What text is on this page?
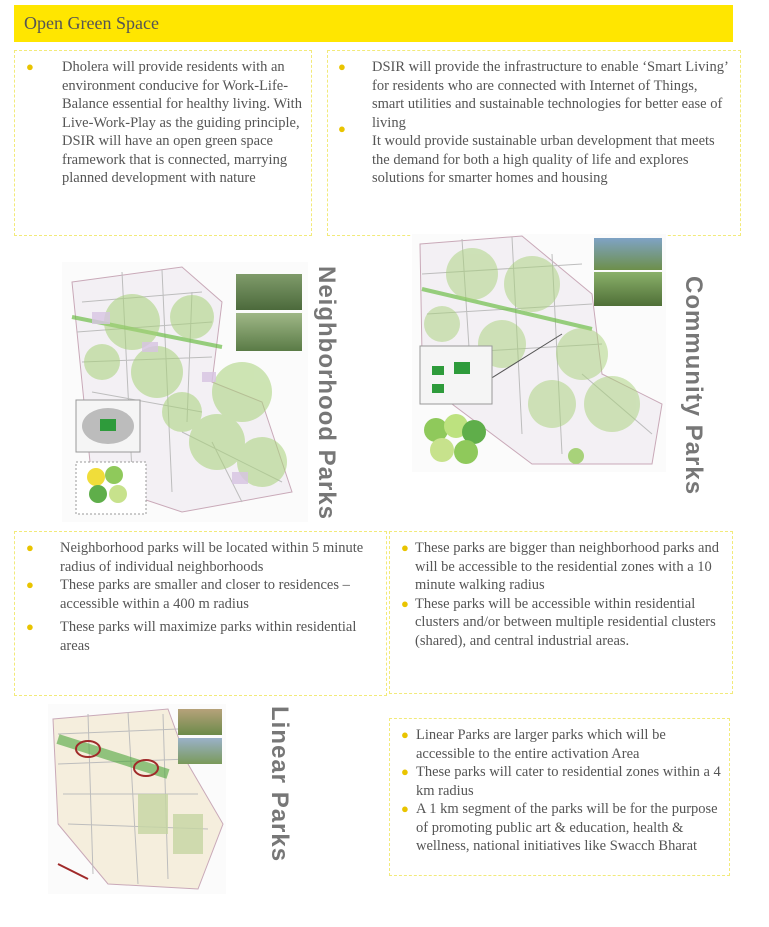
Open Green Space
● Dholera will provide residents with an environment conducive for Work-Life-Balance essential for healthy living. With Live-Work-Play as the guiding principle, DSIR will have an open green space framework that is connected, marrying planned development with nature
● DSIR will provide the infrastructure to enable ‘Smart Living’ for residents who are connected with Internet of Things, smart utilities and sustainable technologies for better ease of living
●
It would provide sustainable urban development that meets the demand for both a high quality of life and explores solutions for smarter homes and housing
Neighborhood Parks	Community Parks
● Neighborhood parks will be located within 5 minute radius of individual neighborhoods
● These parks are smaller and closer to residences – accessible within a 400 m radius
● These parks will maximize parks within residential areas
● These parks are bigger than neighborhood parks and will be accessible to the residential zones with a 10 minute walking radius
● These parks will be accessible within residential clusters and/or between multiple residential clusters (shared), and central industrial areas.
Linear Parks	● Linear Parks are larger parks which will be accessible to the entire activation Area
● These parks will cater to residential zones within a 4 km radius
● A 1 km segment of the parks will be for the purpose of promoting public art & education, health & wellness, national initiatives like Swacch Bharat
